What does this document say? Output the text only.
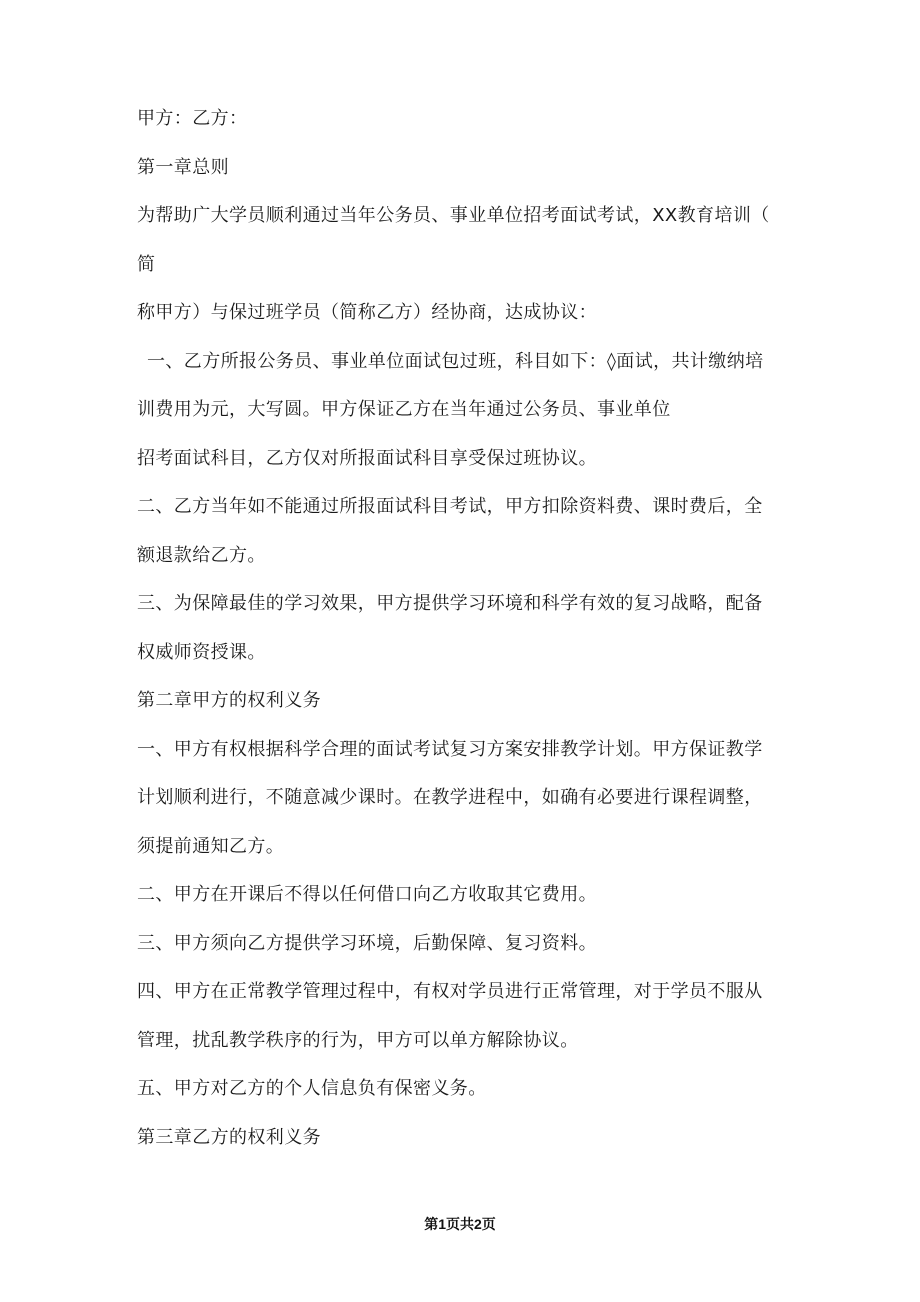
甲方：乙方：
第一章总则
为帮助广大学员顺利通过当年公务员、事业单位招考面试考试，XX教育培训（
简
称甲方）与保过班学员（简称乙方）经协商，达成协议：
一、乙方所报公务员、事业单位面试包过班，科目如下：◊面试，共计缴纳培
训费用为元，大写圆。甲方保证乙方在当年通过公务员、事业单位
招考面试科目，乙方仅对所报面试科目享受保过班协议。
二、乙方当年如不能通过所报面试科目考试，甲方扣除资料费、课时费后，全
额退款给乙方。
三、为保障最佳的学习效果，甲方提供学习环境和科学有效的复习战略，配备
权威师资授课。
第二章甲方的权利义务
一、甲方有权根据科学合理的面试考试复习方案安排教学计划。甲方保证教学
计划顺利进行，不随意减少课时。在教学进程中，如确有必要进行课程调整，
须提前通知乙方。
二、甲方在开课后不得以任何借口向乙方收取其它费用。
三、甲方须向乙方提供学习环境，后勤保障、复习资料。
四、甲方在正常教学管理过程中，有权对学员进行正常管理，对于学员不服从
管理，扰乱教学秩序的行为，甲方可以单方解除协议。
五、甲方对乙方的个人信息负有保密义务。
第三章乙方的权利义务
第1页共2页
